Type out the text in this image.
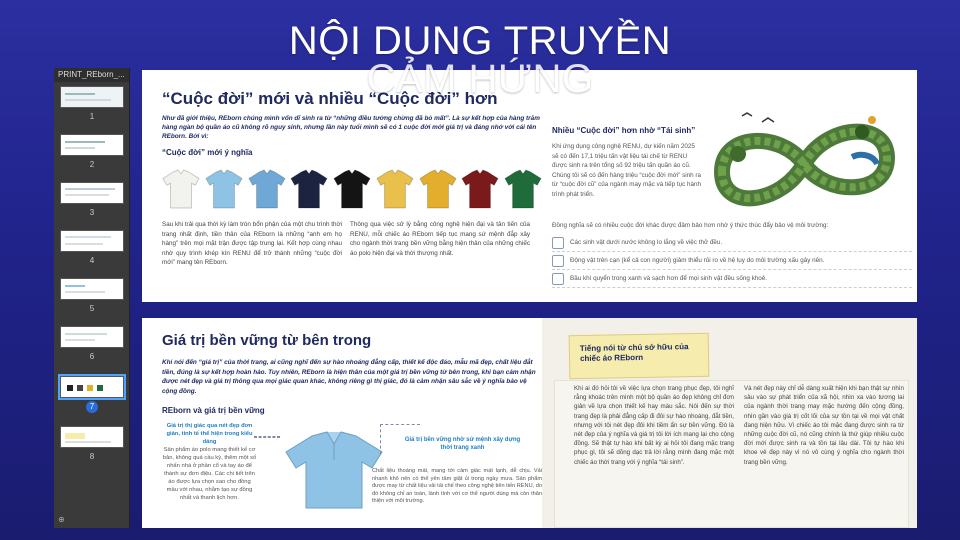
NỘI DUNG TRUYỀN
CẢM HỨNG
PRINT_REborn_...
1
2
3
4
5
6
7
8
⊕
“Cuộc đời” mới và nhiều “Cuộc đời” hơn
Như đã giới thiệu, REborn chúng mình vốn dĩ sinh ra từ “những điều tưởng chừng đã bỏ mất”. Là sự kết hợp của hàng trăm hàng ngàn bộ quần áo cũ không rõ nguy sinh, nhưng lần này tuổi mình sẽ có 1 cuộc đời mới giá trị và đáng nhớ với cái tên REborn. Bởi vì:
“Cuộc đời” mới ý nghĩa
Sau khi trải qua thời kỳ làm tròn bổn phận của một chu trình thời trang nhất định, tiền thân của REborn là những “anh em họ hàng” trên mọi mặt trận được tập trung lại. Kết hợp cùng nhau nhờ quy trình khép kín RENU để trở thành những “cuộc đời mới” mang tên REborn.
Thông qua việc sử lý bằng công nghệ hiện đại và tân tiến của RENU, mỗi chiếc áo REborn tiếp tục mang sứ mệnh đắp xây cho ngành thời trang bền vững bằng hiện thân của những chiếc áo polo hiện đại và thời thượng nhất.
Nhiều “Cuộc đời” hơn nhờ “Tái sinh”
Khi ứng dụng công nghệ RENU, dự kiến năm 2025 sẽ có đến 17,1 triệu tấn vật liệu tái chế từ RENU được sinh ra trên tổng số 92 triệu tấn quần áo cũ. Chúng tôi sẽ có đến hàng triệu “cuộc đời mới” sinh ra từ “cuộc đời cũ” của ngành may mặc và tiếp tục hành trình phát triển.
Đồng nghĩa sẽ có nhiều cuộc đời khác được đảm bảo hơn nhờ ý thức thúc đẩy bảo vệ môi trường:
Các sinh vật dưới nước không lo lắng về việc thở đều.
Động vật trên cạn (kể cả con người) giảm thiểu rủi ro về hệ lụy do môi trường xấu gây nên.
Bầu khí quyển trong xanh và sạch hơn để mọi sinh vật đều sống khoẻ.
Giá trị bền vững từ bên trong
Khi nói đến “giá trị” của thời trang, ai cũng nghĩ đến sự hào nhoáng đẳng cấp, thiết kế độc đáo, mẫu mã đẹp, chất liệu đắt tiền, đúng là sự kết hợp hoàn hảo. Tuy nhiên, REborn là hiện thân của một giá trị bền vững từ bên trong, khi bạn cảm nhận được nét đẹp và giá trị thông qua mọi giác quan khác, không riêng gì thị giác, đó là cảm nhận sâu sắc về ý nghĩa bảo vệ cộng đồng.
REborn và giá trị bền vững
Giá trị thị giác qua nét đẹp đơn giản, tinh tế thể hiện trong kiểu dáng
Sản phẩm áo polo mang thiết kế cơ bản, không quá cầu kỳ, thêm một số nhấn nhá ở phần cổ và tay áo để thành sự đơn điệu. Các chi tiết trên áo được lựa chọn sao cho đồng màu với nhau, nhằm tạo sự đồng nhất và thanh lịch hơn.
Giá trị bền vững nhờ sứ mệnh xây dựng thời trang xanh
Chất liệu thoáng mát, mang tới cảm giác mát lạnh, dễ chịu. Vải nhanh khô nên có thể yên tâm giặt ủi trong ngày mưa. Sản phẩm được may từ chất liệu vải tái chế theo công nghệ tiên tiến RENU, do đó không chỉ an toàn, lành tính với cơ thể người dùng mà còn thân thiện với môi trường.
Tiếng nói từ chủ sở hữu của chiếc áo REborn
Khi ai đó hỏi tôi về việc lựa chọn trang phục đẹp, tôi nghĩ rằng khoác trên mình một bộ quần áo đẹp không chỉ đơn giản về lựa chọn thiết kế hay màu sắc. Nói đến sự thời trang đẹp là phải đẳng cấp đi đôi sự hào nhoáng, đắt tiền, nhưng với tôi nét đẹp đôi khi tiềm ẩn sự bền vững. Đó là nét đẹp của ý nghĩa và giá trị tôi lời ích mang lại cho cộng đồng. Sẽ thật tự hào khi bất kỳ ai hỏi tôi đang mặc trang phục gì, tôi sẽ dõng dạc trả lời rằng mình đang mặc một chiếc áo thời trang với ý nghĩa “tái sinh”.
Và nét đẹp này chỉ dễ dàng xuất hiện khi bạn thật sự nhìn sâu vào sự phát triển của xã hội, nhìn xa vào tương lai của ngành thời trang may mặc hướng đến cộng đồng, nhìn gần vào giá trị cốt lõi của sự tồn tại về mọi vật chất đang hiện hữu. Vì chiếc áo tôi mặc đang được sinh ra từ những cuộc đời cũ, nó cũng chính là thứ giúp nhiều cuộc đời mới được sinh ra và tồn tại lâu dài. Tôi tự hào khi khoe vẻ đẹp này vì nó vô cùng ý nghĩa cho ngành thời trang bền vững.
